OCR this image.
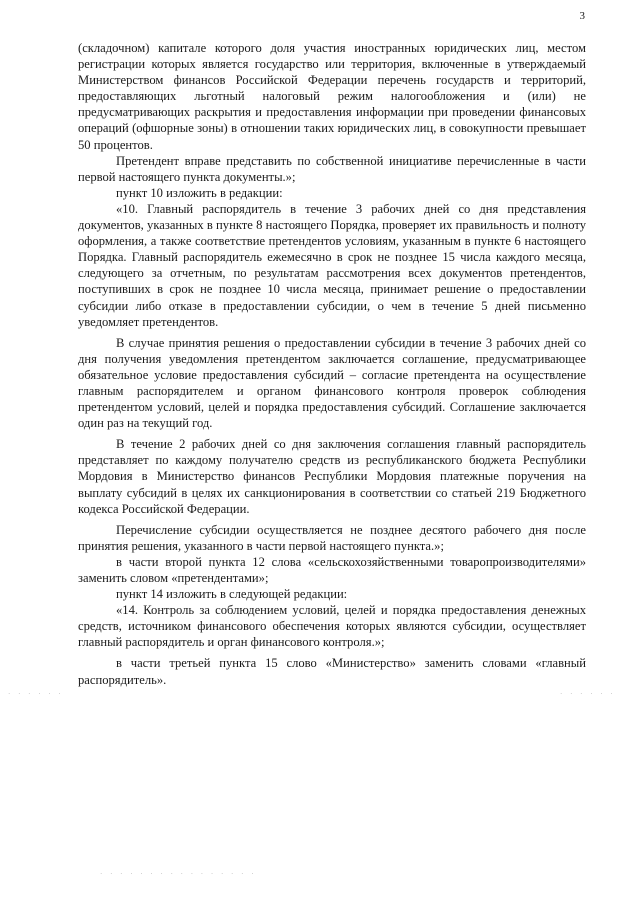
3

(складочном) капитале которого доля участия иностранных юридических лиц, местом регистрации которых является государство или территория, включенные в утверждаемый Министерством финансов Российской Федерации перечень государств и территорий, предоставляющих льготный налоговый режим налогообложения и (или) не предусматривающих раскрытия и предоставления информации при проведении финансовых операций (офшорные зоны) в отношении таких юридических лиц, в совокупности превышает 50 процентов.

Претендент вправе представить по собственной инициативе перечисленные в части первой настоящего пункта документы.»;

пункт 10 изложить в редакции:

«10. Главный распорядитель в течение 3 рабочих дней со дня представления документов, указанных в пункте 8 настоящего Порядка, проверяет их правильность и полноту оформления, а также соответствие претендентов условиям, указанным в пункте 6 настоящего Порядка. Главный распорядитель ежемесячно в срок не позднее 15 числа каждого месяца, следующего за отчетным, по результатам рассмотрения всех документов претендентов, поступивших в срок не позднее 10 числа месяца, принимает решение о предоставлении субсидии либо отказе в предоставлении субсидии, о чем в течение 5 дней письменно уведомляет претендентов.

В случае принятия решения о предоставлении субсидии в течение 3 рабочих дней со дня получения уведомления претендентом заключается соглашение, предусматривающее обязательное условие предоставления субсидий – согласие претендента на осуществление главным распорядителем и органом финансового контроля проверок соблюдения претендентом условий, целей и порядка предоставления субсидий. Соглашение заключается один раз на текущий год.

В течение 2 рабочих дней со дня заключения соглашения главный распорядитель представляет по каждому получателю средств из республиканского бюджета Республики Мордовия в Министерство финансов Республики Мордовия платежные поручения на выплату субсидий в целях их санкционирования в соответствии со статьей 219 Бюджетного кодекса Российской Федерации.

Перечисление субсидии осуществляется не позднее десятого рабочего дня после принятия решения, указанного в части первой настоящего пункта.»;

в части второй пункта 12 слова «сельскохозяйственными товаропроизводителями» заменить словом «претендентами»;

пункт 14 изложить в следующей редакции:

«14. Контроль за соблюдением условий, целей и порядка предоставления денежных средств, источником финансового обеспечения которых являются субсидии, осуществляет главный распорядитель и орган финансового контроля.»;

в части третьей пункта 15 слово «Министерство» заменить словами «главный распорядитель».

· · · · · ·	· · · · · ·
· · · · · · · · · · · · · · · ·
